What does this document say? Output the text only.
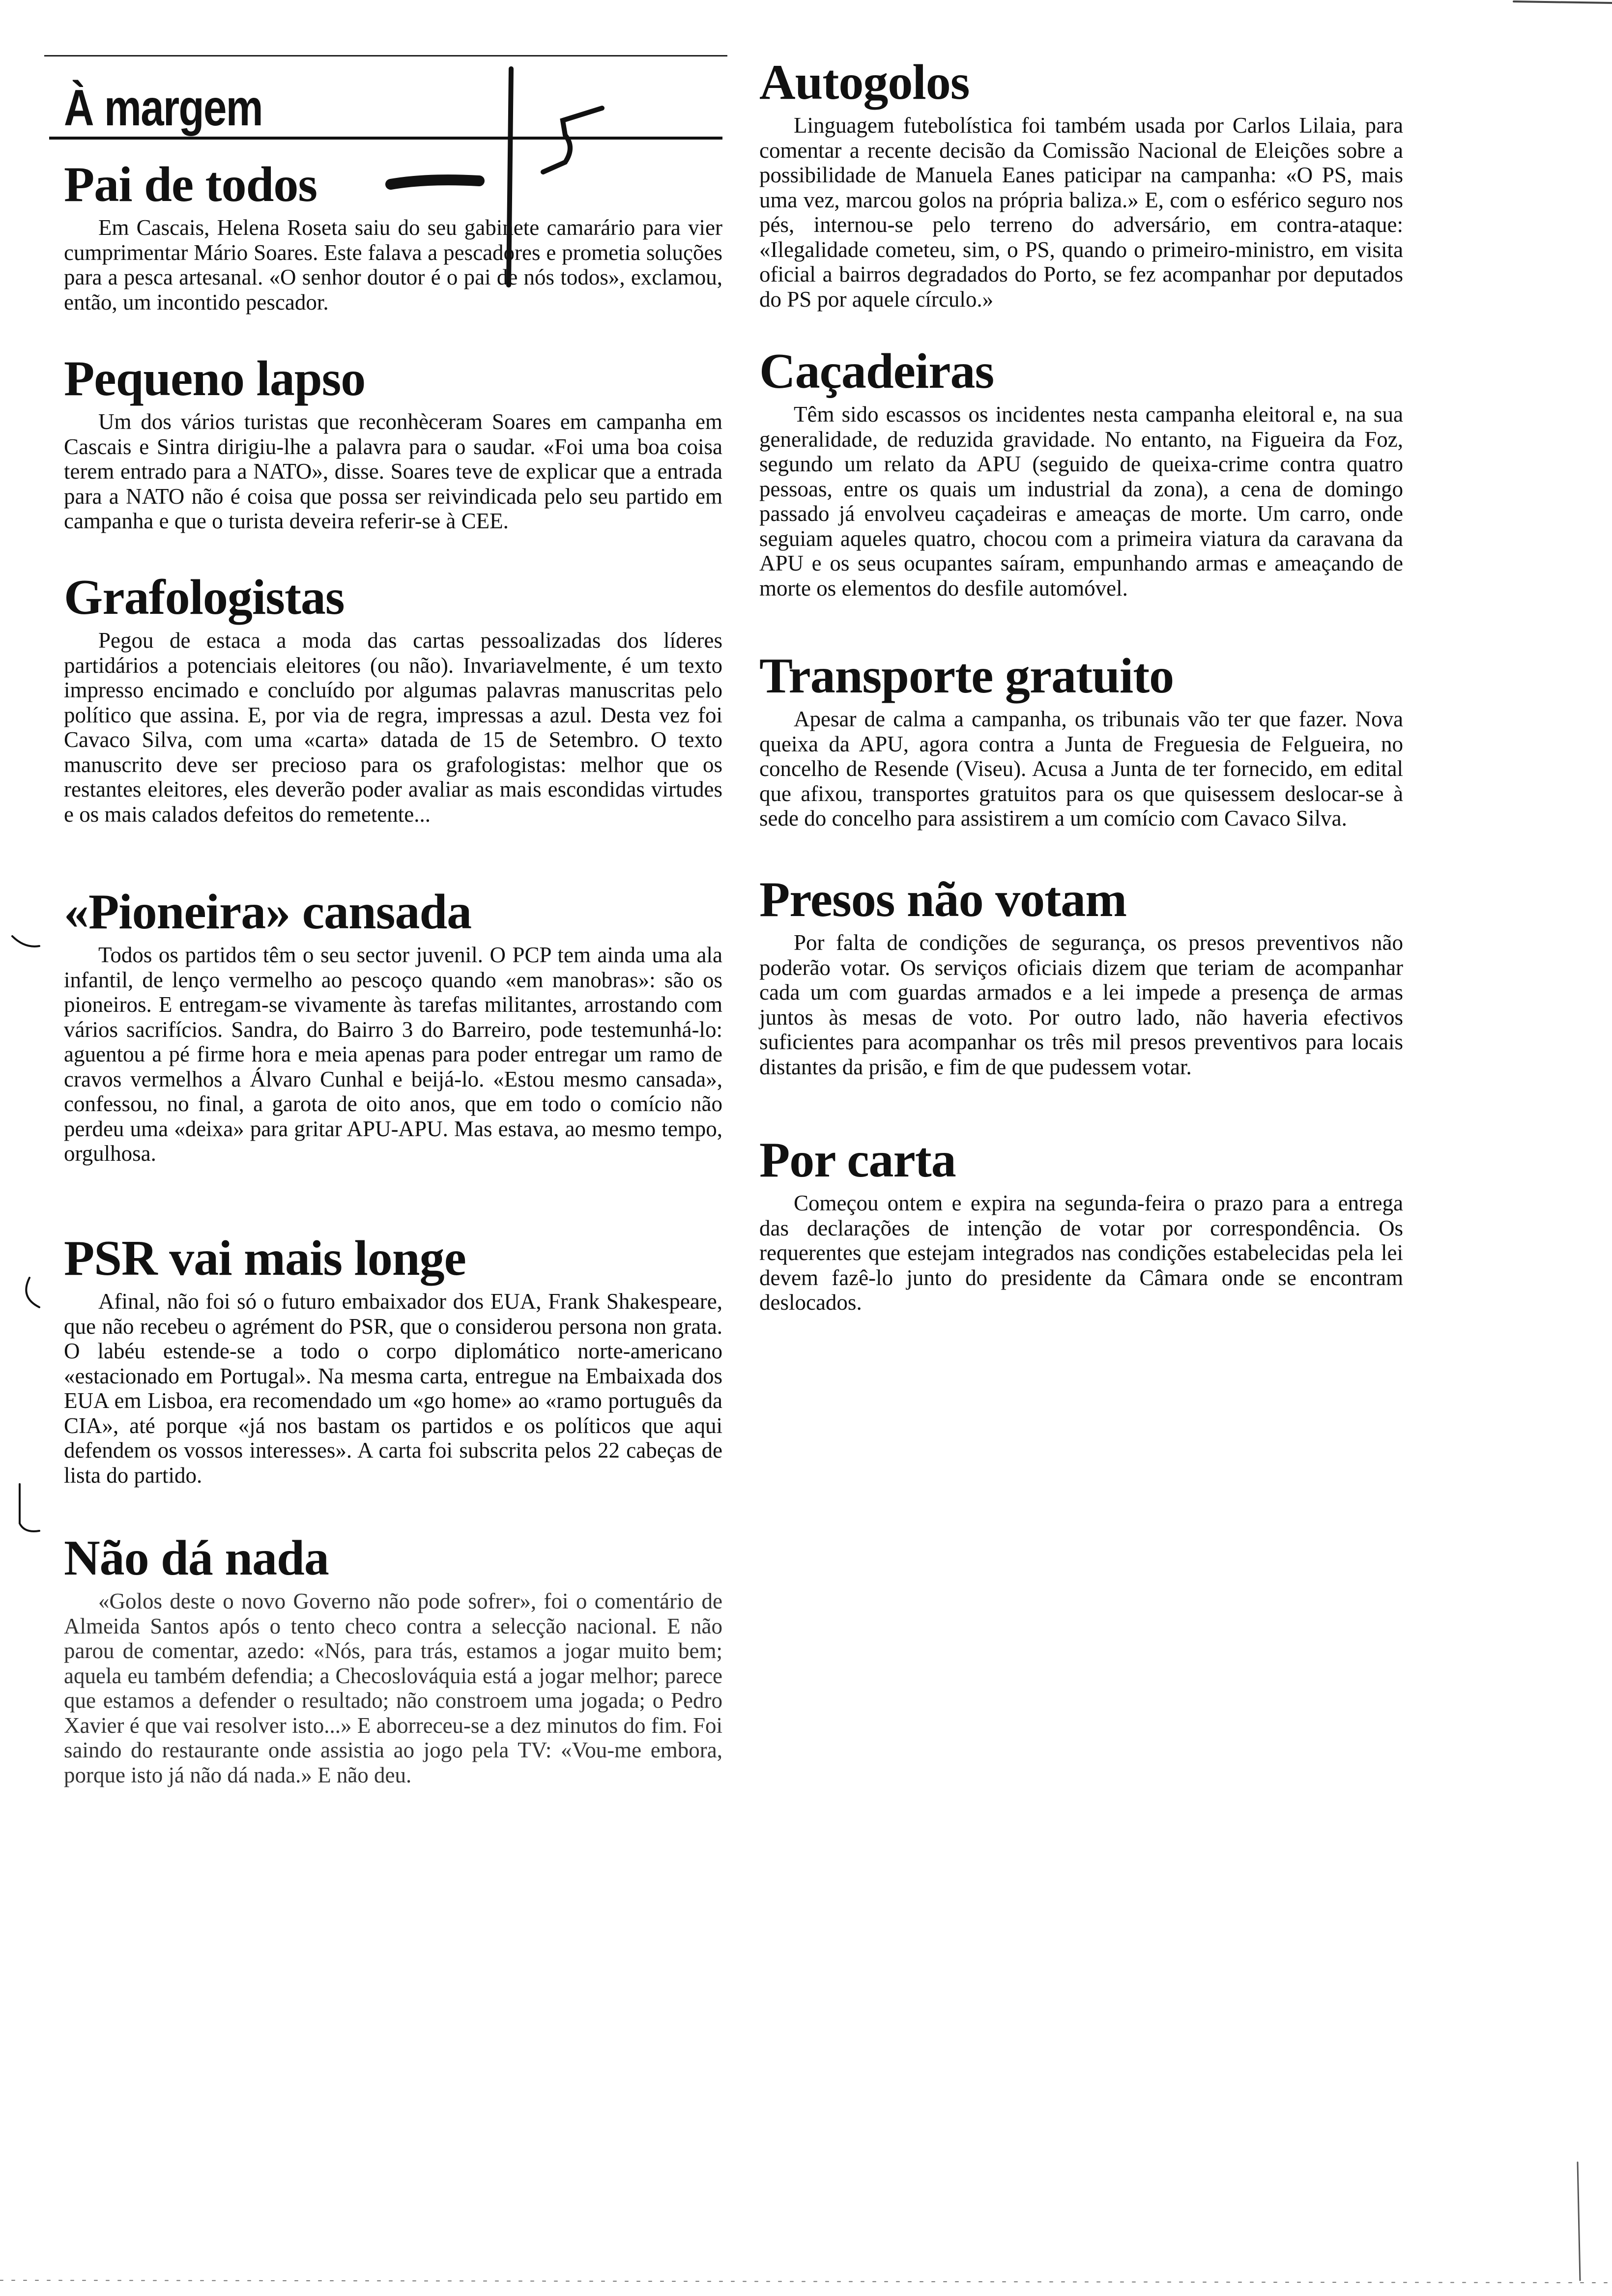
À margem
Pai de todos

Em Cascais, Helena Roseta saiu do seu gabinete camarário para vier cumprimentar Mário Soares. Este falava a pescadores e prometia soluções para a pesca artesanal. «O senhor doutor é o pai de nós todos», exclamou, então, um incontido pescador.

Pequeno lapso

Um dos vários turistas que reconhèceram Soares em campanha em Cascais e Sintra dirigiu-lhe a palavra para o saudar. «Foi uma boa coisa terem entrado para a NATO», disse. Soares teve de explicar que a entrada para a NATO não é coisa que possa ser reivindicada pelo seu partido em campanha e que o turista deveira referir-se à CEE.

Grafologistas

Pegou de estaca a moda das cartas pessoalizadas dos líderes partidários a potenciais eleitores (ou não). Invariavelmente, é um texto impresso encimado e concluído por algumas palavras manuscritas pelo político que assina. E, por via de regra, impressas a azul. Desta vez foi Cavaco Silva, com uma «carta» datada de 15 de Setembro. O texto manuscrito deve ser precioso para os grafologistas: melhor que os restantes eleitores, eles deverão poder avaliar as mais escondidas virtudes e os mais calados defeitos do remetente...

«Pioneira» cansada

Todos os partidos têm o seu sector juvenil. O PCP tem ainda uma ala infantil, de lenço vermelho ao pescoço quando «em manobras»: são os pioneiros. E entregam-se vivamente às tarefas militantes, arrostando com vários sacrifícios. Sandra, do Bairro 3 do Barreiro, pode testemunhá-lo: aguentou a pé firme hora e meia apenas para poder entregar um ramo de cravos vermelhos a Álvaro Cunhal e beijá-lo. «Estou mesmo cansada», confessou, no final, a garota de oito anos, que em todo o comício não perdeu uma «deixa» para gritar APU-APU. Mas estava, ao mesmo tempo, orgulhosa.

PSR vai mais longe

Afinal, não foi só o futuro embaixador dos EUA, Frank Shakespeare, que não recebeu o agrément do PSR, que o considerou persona non grata. O labéu estende-se a todo o corpo diplomático norte-americano «estacionado em Portugal». Na mesma carta, entregue na Embaixada dos EUA em Lisboa, era recomendado um «go home» ao «ramo português da CIA», até porque «já nos bastam os partidos e os políticos que aqui defendem os vossos interesses». A carta foi subscrita pelos 22 cabeças de lista do partido.

Não dá nada

«Golos deste o novo Governo não pode sofrer», foi o comentário de Almeida Santos após o tento checo contra a selecção nacional. E não parou de comentar, azedo: «Nós, para trás, estamos a jogar muito bem; aquela eu também defendia; a Checoslováquia está a jogar melhor; parece que estamos a defender o resultado; não constroem uma jogada; o Pedro Xavier é que vai resolver isto...» E aborreceu-se a dez minutos do fim. Foi saindo do restaurante onde assistia ao jogo pela TV: «Vou-me embora, porque isto já não dá nada.» E não deu.

Autogolos

Linguagem futebolística foi também usada por Carlos Lilaia, para comentar a recente decisão da Comissão Nacional de Eleições sobre a possibilidade de Manuela Eanes paticipar na campanha: «O PS, mais uma vez, marcou golos na própria baliza.» E, com o esférico seguro nos pés, internou-se pelo terreno do adversário, em contra-ataque: «Ilegalidade cometeu, sim, o PS, quando o primeiro-ministro, em visita oficial a bairros degradados do Porto, se fez acompanhar por deputados do PS por aquele círculo.»

Caçadeiras

Têm sido escassos os incidentes nesta campanha eleitoral e, na sua generalidade, de reduzida gravidade. No entanto, na Figueira da Foz, segundo um relato da APU (seguido de queixa-crime contra quatro pessoas, entre os quais um industrial da zona), a cena de domingo passado já envolveu caçadeiras e ameaças de morte. Um carro, onde seguiam aqueles quatro, chocou com a primeira viatura da caravana da APU e os seus ocupantes saíram, empunhando armas e ameaçando de morte os elementos do desfile automóvel.

Transporte gratuito

Apesar de calma a campanha, os tribunais vão ter que fazer. Nova queixa da APU, agora contra a Junta de Freguesia de Felgueira, no concelho de Resende (Viseu). Acusa a Junta de ter fornecido, em edital que afixou, transportes gratuitos para os que quisessem deslocar-se à sede do concelho para assistirem a um comício com Cavaco Silva.

Presos não votam

Por falta de condições de segurança, os presos preventivos não poderão votar. Os serviços oficiais dizem que teriam de acompanhar cada um com guardas armados e a lei impede a presença de armas juntos às mesas de voto. Por outro lado, não haveria efectivos suficientes para acompanhar os três mil presos preventivos para locais distantes da prisão, e fim de que pudessem votar.

Por carta

Começou ontem e expira na segunda-feira o prazo para a entrega das declarações de intenção de votar por correspondência. Os requerentes que estejam integrados nas condições estabelecidas pela lei devem fazê-lo junto do presidente da Câmara onde se encontram deslocados.
